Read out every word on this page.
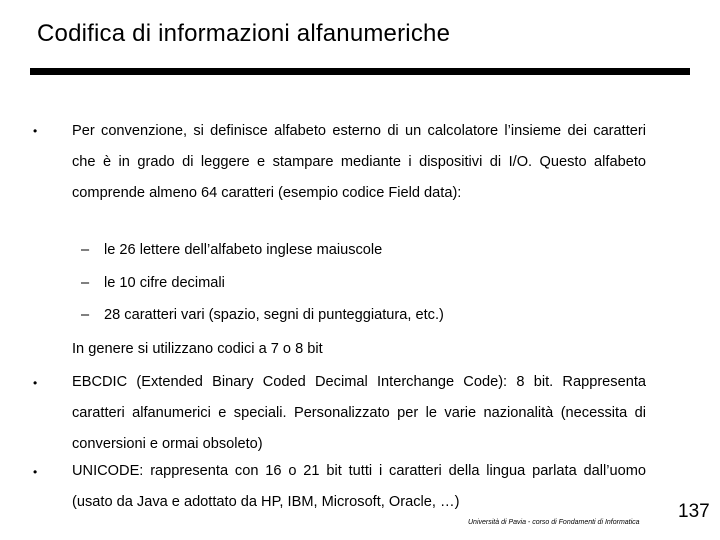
Codifica di informazioni alfanumeriche
• Per convenzione, si definisce alfabeto esterno di un calcolatore l’insieme dei caratteri che è in grado di leggere e stampare mediante i dispositivi di I/O. Questo alfabeto comprende almeno 64 caratteri (esempio codice Field data):
– le 26 lettere dell’alfabeto inglese maiuscole
– le 10 cifre decimali
– 28 caratteri vari (spazio, segni di punteggiatura, etc.)
In genere si utilizzano codici a 7 o 8 bit
• EBCDIC (Extended Binary Coded Decimal Interchange Code): 8 bit. Rappresenta caratteri alfanumerici e speciali. Personalizzato per le varie nazionalità (necessita di conversioni e ormai obsoleto)
• UNICODE: rappresenta con 16 o 21 bit tutti i caratteri della lingua parlata dall’uomo (usato da Java e adottato da HP, IBM, Microsoft, Oracle, …)
Università di Pavia - corso di Fondamenti di Informatica
137
